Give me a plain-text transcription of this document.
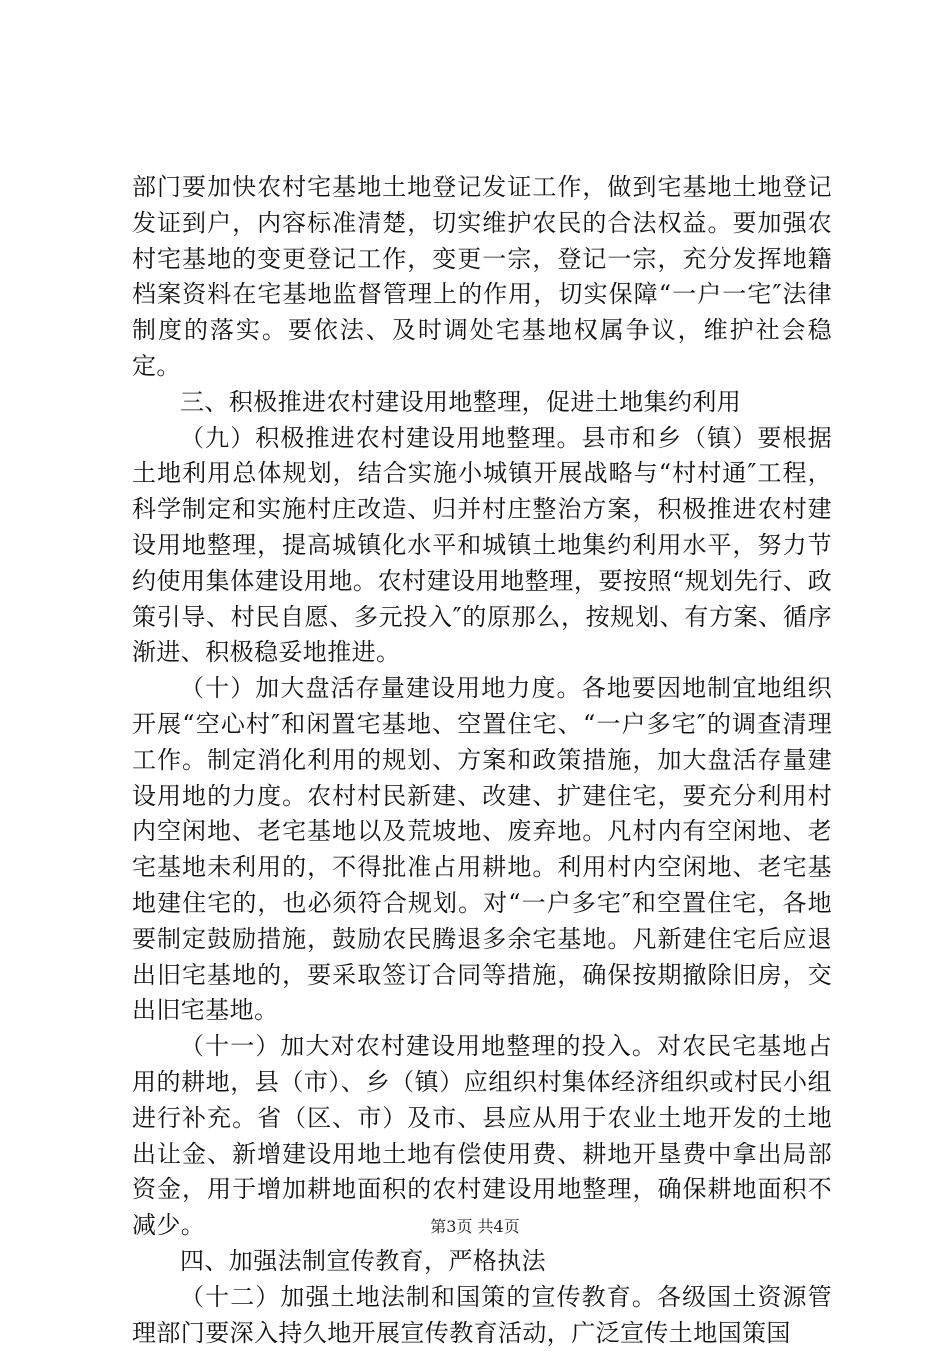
部门要加快农村宅基地土地登记发证工作，做到宅基地土地登记发证到户，内容标准清楚，切实维护农民的合法权益。要加强农村宅基地的变更登记工作，变更一宗，登记一宗，充分发挥地籍档案资料在宅基地监督管理上的作用，切实保障“一户一宅″法律制度的落实。要依法、及时调处宅基地权属争议，维护社会稳定。

三、积极推进农村建设用地整理，促进土地集约利用

（九）积极推进农村建设用地整理。县市和乡（镇）要根据土地利用总体规划，结合实施小城镇开展战略与“村村通″工程，科学制定和实施村庄改造、归并村庄整治方案，积极推进农村建设用地整理，提高城镇化水平和城镇土地集约利用水平，努力节约使用集体建设用地。农村建设用地整理，要按照“规划先行、政策引导、村民自愿、多元投入″的原那么，按规划、有方案、循序渐进、积极稳妥地推进。

（十）加大盘活存量建设用地力度。各地要因地制宜地组织开展“空心村″和闲置宅基地、空置住宅、“一户多宅″的调查清理工作。制定消化利用的规划、方案和政策措施，加大盘活存量建设用地的力度。农村村民新建、改建、扩建住宅，要充分利用村内空闲地、老宅基地以及荒坡地、废弃地。凡村内有空闲地、老宅基地未利用的，不得批准占用耕地。利用村内空闲地、老宅基地建住宅的，也必须符合规划。对“一户多宅″和空置住宅，各地要制定鼓励措施，鼓励农民腾退多余宅基地。凡新建住宅后应退出旧宅基地的，要采取签订合同等措施，确保按期撤除旧房，交出旧宅基地。

（十一）加大对农村建设用地整理的投入。对农民宅基地占用的耕地，县（市）、乡（镇）应组织村集体经济组织或村民小组进行补充。省（区、市）及市、县应从用于农业土地开发的土地出让金、新增建设用地土地有偿使用费、耕地开垦费中拿出局部资金，用于增加耕地面积的农村建设用地整理，确保耕地面积不减少。

四、加强法制宣传教育，严格执法

（十二）加强土地法制和国策的宣传教育。各级国土资源管理部门要深入持久地开展宣传教育活动，广泛宣传土地国策国

第3页 共4页
